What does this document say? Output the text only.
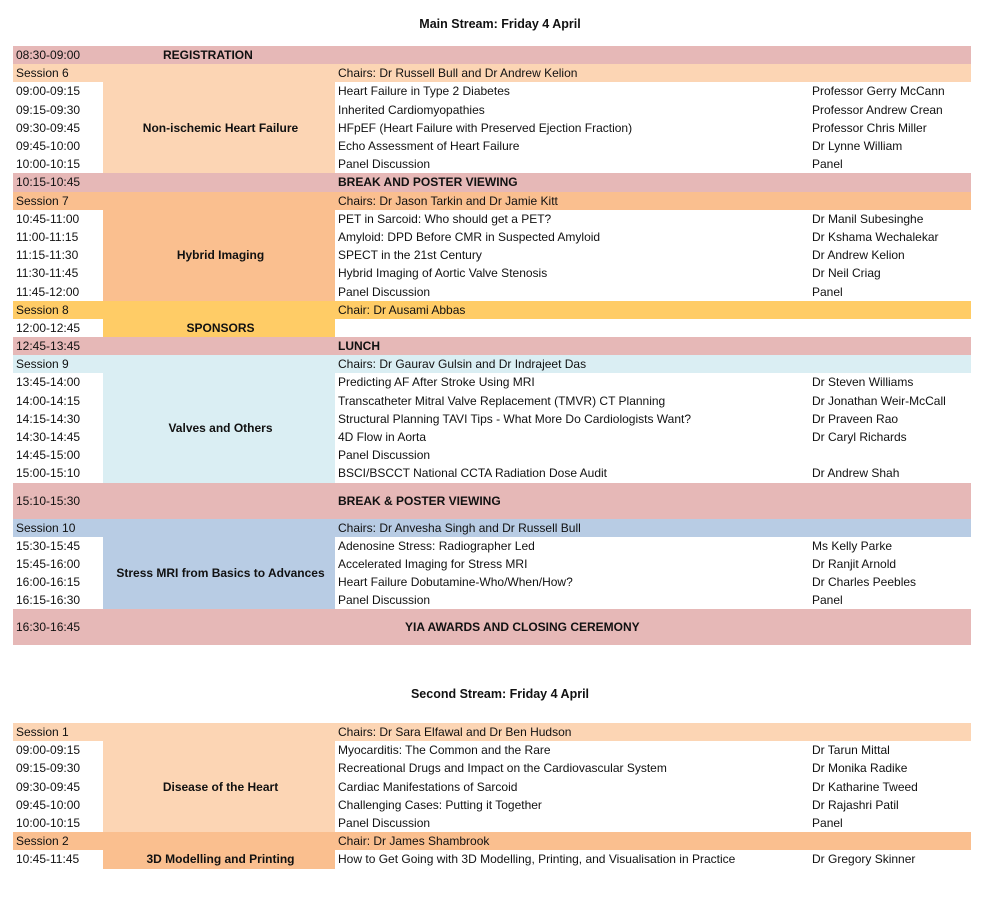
Main Stream: Friday 4 April
08:30-09:00	REGISTRATION		
Session 6		Chairs: Dr Russell Bull and Dr Andrew Kelion	
09:00-09:15	Non-ischemic Heart Failure	Heart Failure in Type 2 Diabetes	Professor Gerry McCann
09:15-09:30		Inherited Cardiomyopathies	Professor Andrew Crean
09:30-09:45		HFpEF (Heart Failure with Preserved Ejection Fraction)	Professor Chris Miller
09:45-10:00		Echo Assessment of Heart Failure	Dr Lynne William
10:00-10:15		Panel Discussion	Panel
10:15-10:45		BREAK AND POSTER VIEWING	
Session 7		Chairs: Dr Jason Tarkin and Dr Jamie Kitt	
10:45-11:00	Hybrid Imaging	PET in Sarcoid: Who should get a PET?	Dr Manil Subesinghe
11:00-11:15		Amyloid: DPD Before CMR in Suspected Amyloid	Dr Kshama Wechalekar
11:15-11:30		SPECT in the 21st Century	Dr Andrew Kelion
11:30-11:45		Hybrid Imaging of Aortic Valve Stenosis	Dr Neil Criag
11:45-12:00		Panel Discussion	Panel
Session 8		Chair: Dr Ausami Abbas	
12:00-12:45	SPONSORS		
12:45-13:45		LUNCH	
Session 9		Chairs: Dr Gaurav Gulsin and Dr Indrajeet Das	
13:45-14:00	Valves and Others	Predicting AF After Stroke Using MRI	Dr Steven Williams
14:00-14:15		Transcatheter Mitral Valve Replacement (TMVR) CT Planning	Dr Jonathan Weir-McCall
14:15-14:30		Structural Planning TAVI Tips - What More Do Cardiologists Want?	Dr Praveen Rao
14:30-14:45		4D Flow in Aorta	Dr Caryl Richards
14:45-15:00		Panel Discussion	
15:00-15:10		BSCI/BSCCT National CCTA Radiation Dose Audit	Dr Andrew Shah
15:10-15:30		BREAK & POSTER VIEWING	
Session 10		Chairs: Dr Anvesha Singh and Dr Russell Bull	
15:30-15:45	Stress MRI from Basics to Advances	Adenosine Stress: Radiographer Led	Ms Kelly Parke
15:45-16:00		Accelerated Imaging for Stress MRI	Dr Ranjit Arnold
16:00-16:15		Heart Failure Dobutamine-Who/When/How?	Dr Charles Peebles
16:15-16:30		Panel Discussion	Panel
16:30-16:45	YIA AWARDS AND CLOSING CEREMONY		
Second Stream: Friday 4 April
Session 1		Chairs: Dr Sara Elfawal and Dr Ben Hudson	
09:00-09:15	Disease of the Heart	Myocarditis: The Common and the Rare	Dr Tarun Mittal
09:15-09:30		Recreational Drugs and Impact on the Cardiovascular System	Dr Monika Radike
09:30-09:45		Cardiac Manifestations of Sarcoid	Dr Katharine Tweed
09:45-10:00		Challenging Cases: Putting it Together	Dr Rajashri Patil
10:00-10:15		Panel Discussion	Panel
Session 2		Chair: Dr James Shambrook	
10:45-11:45	3D Modelling and Printing	How to Get Going with 3D Modelling, Printing, and Visualisation in Practice	Dr Gregory Skinner
